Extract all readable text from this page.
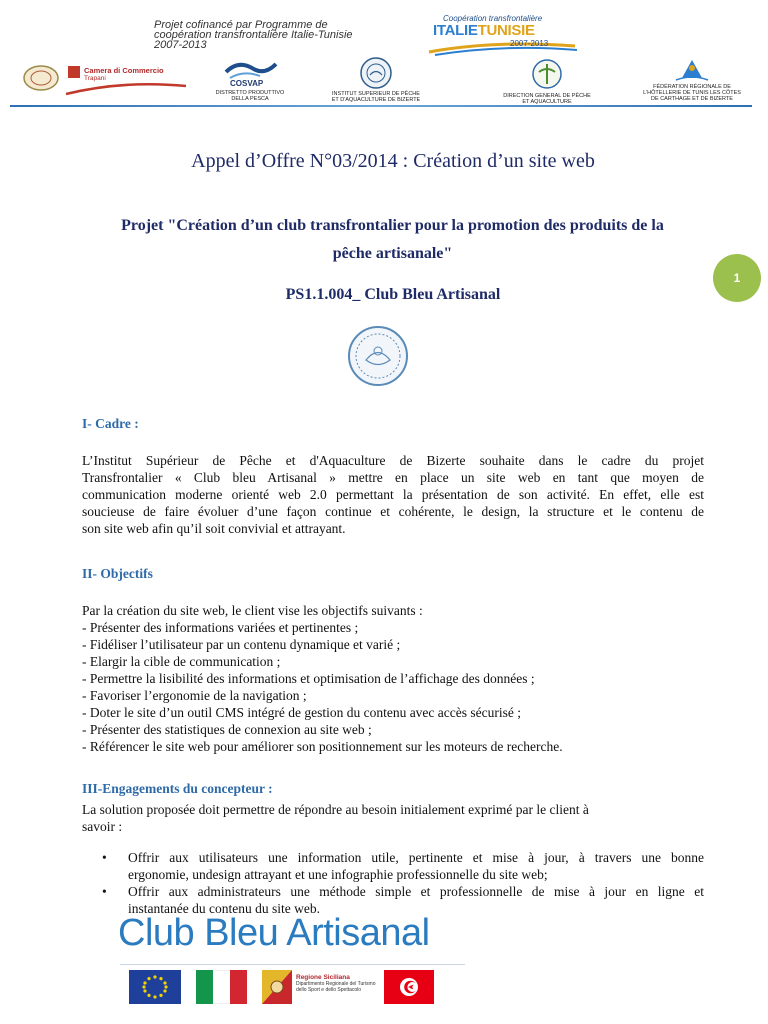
Projet cofinancé par Programme de
coopération transfrontalière Italie-Tunisie
2007-2013
Coopération transfrontalière
ITALIETUNISIE
2007-2013
Camera di Commercio
Trapani
COSVAP
DISTRETTO PRODUTTIVO DELLA PESCA
INSTITUT SUPERIEUR DE PÊCHE ET D'AQUACULTURE DE BIZERTE
DIRECTION GENERAL DE PÊCHE ET AQUACULTURE
FÉDÉRATION RÉGIONALE DE L'HÔTELLERIE DE TUNIS LES CÔTES DE CARTHAGE ET DE BIZERTE
1
Appel d’Offre N°03/2014 : Création d’un site web
Projet "Création d’un club transfrontalier pour la promotion des produits de la
pêche artisanale"
PS1.1.004_ Club Bleu Artisanal
I- Cadre :
L’Institut Supérieur de Pêche et d'Aquaculture de Bizerte souhaite dans le cadre du projet
Transfrontalier « Club bleu Artisanal » mettre en place un site web en tant que moyen de
communication moderne orienté web 2.0 permettant la présentation de son activité. En effet, elle est
soucieuse de faire évoluer d’une façon continue et cohérente, le design, la structure et le contenu de
son site web afin qu’il soit convivial et attrayant.
II- Objectifs
Par la création du site web, le client vise les objectifs suivants :
- Présenter des informations variées et pertinentes ;
- Fidéliser l’utilisateur par un contenu dynamique et varié ;
- Elargir la cible de communication ;
- Permettre la lisibilité des informations et optimisation de l’affichage des données ;
- Favoriser l’ergonomie de la navigation ;
- Doter le site d’un outil CMS intégré de gestion du contenu avec accès sécurisé ;
- Présenter des statistiques de connexion au site web ;
- Référencer le site web pour améliorer son positionnement sur les moteurs de recherche.
III-Engagements du concepteur :
La solution proposée doit permettre de répondre au besoin initialement exprimé par le client à
savoir :
• Offrir aux utilisateurs une information utile, pertinente et mise à jour, à travers une bonne
ergonomie, undesign attrayant et une infographie professionnelle du site web;
• Offrir aux administrateurs une méthode simple et professionnelle de mise à jour en ligne et
instantanée du contenu du site web.
Club Bleu Artisanal
Regione Siciliana
Dipartimento Regionale del Turismo
dello Sport e dello Spettacolo
